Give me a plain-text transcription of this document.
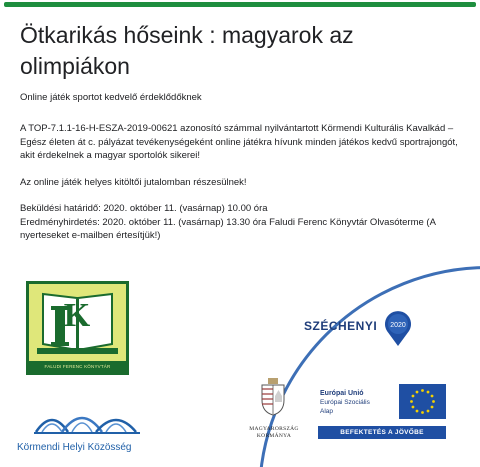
Ötkarikás hőseink : magyarok az olimpiákon
Online játék sportot kedvelő érdeklődőknek

A TOP-7.1.1-16-H-ESZA-2019-00621 azonosító számmal nyilvántartott Körmendi Kulturális Kavalkád – Egész életen át c. pályázat tevékenységeként online játékra hívunk minden játékos kedvű sportrajongót, akit érdekelnek a magyar sportolók sikerei!

Az online játék helyes kitöltői jutalomban részesülnek!

Beküldési határidő: 2020. október 11. (vasárnap) 10.00 óra

Eredményhirdetés: 2020. október 11. (vasárnap) 13.30 óra Faludi Ferenc Könyvtár Olvasóterme (A nyerteseket e-mailben értesítjük!)

K
FALUDI FERENC KÖNYVTÁR
Körmendi Helyi Közösség
SZÉCHENYI 2020
MAGYARORSZÁG KORMÁNYA
Európai Unió
Európai Szociális
Alap
BEFEKTETÉS A JÖVŐBE
